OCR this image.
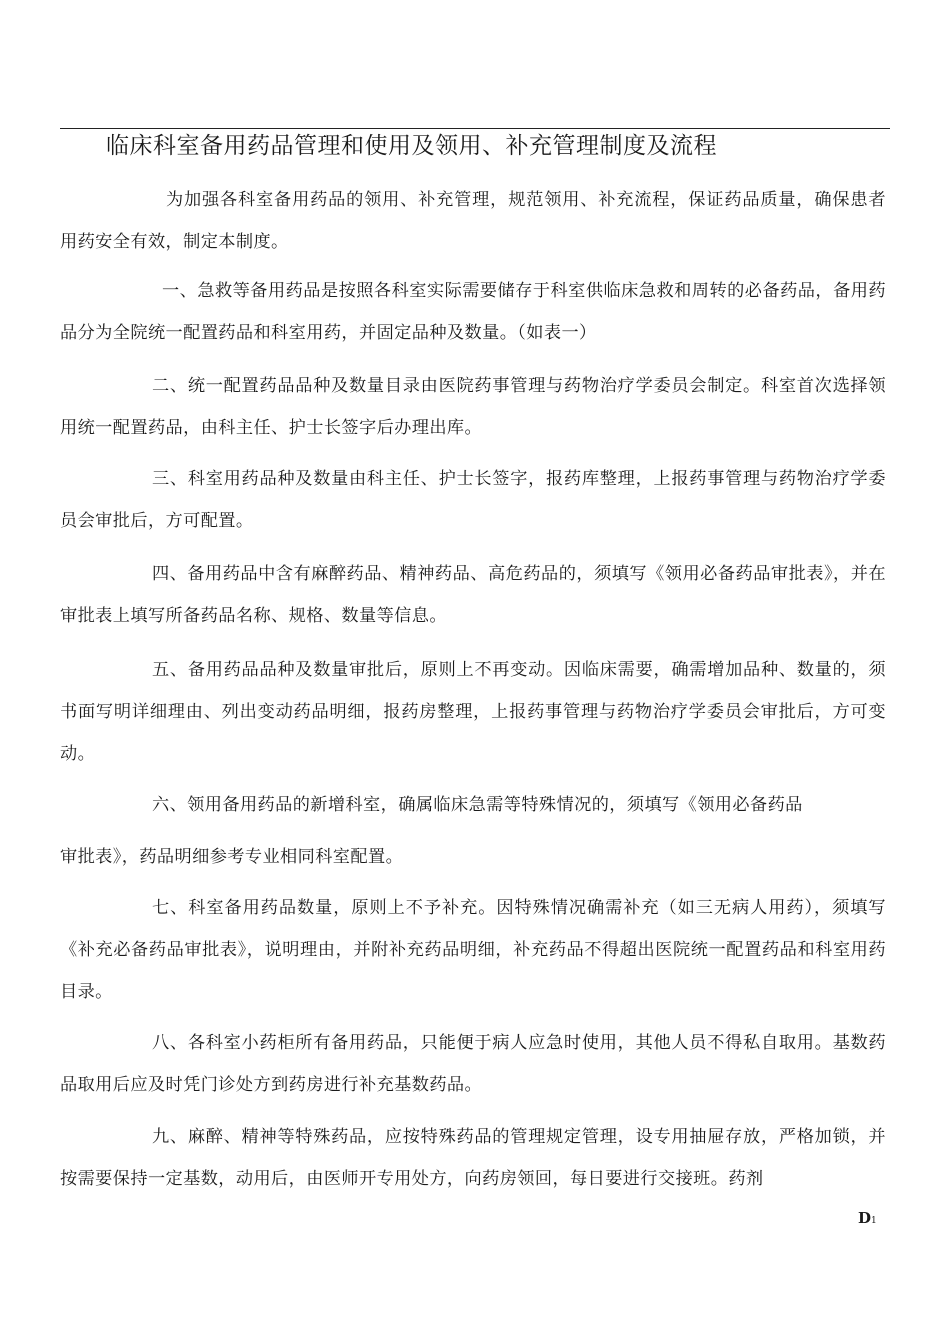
临床科室备用药品管理和使用及领用、补充管理制度及流程
为加强各科室备用药品的领用、补充管理，规范领用、补充流程，保证药品质量，确保患者用药安全有效，制定本制度。
一、急救等备用药品是按照各科室实际需要储存于科室供临床急救和周转的必备药品，备用药品分为全院统一配置药品和科室用药，并固定品种及数量。（如表一）
二、统一配置药品品种及数量目录由医院药事管理与药物治疗学委员会制定。科室首次选择领用统一配置药品，由科主任、护士长签字后办理出库。
三、科室用药品种及数量由科主任、护士长签字，报药库整理，上报药事管理与药物治疗学委员会审批后，方可配置。
四、备用药品中含有麻醉药品、精神药品、高危药品的，须填写《领用必备药品审批表》，并在审批表上填写所备药品名称、规格、数量等信息。
五、备用药品品种及数量审批后，原则上不再变动。因临床需要，确需增加品种、数量的，须书面写明详细理由、列出变动药品明细，报药房整理，上报药事管理与药物治疗学委员会审批后，方可变动。
六、领用备用药品的新增科室，确属临床急需等特殊情况的，须填写《领用必备药品
审批表》，药品明细参考专业相同科室配置。
七、科室备用药品数量，原则上不予补充。因特殊情况确需补充（如三无病人用药），须填写《补充必备药品审批表》，说明理由，并附补充药品明细，补充药品不得超出医院统一配置药品和科室用药目录。
八、各科室小药柜所有备用药品，只能便于病人应急时使用，其他人员不得私自取用。基数药品取用后应及时凭门诊处方到药房进行补充基数药品。
九、麻醉、精神等特殊药品，应按特殊药品的管理规定管理，设专用抽屉存放，严格加锁，并按需要保持一定基数，动用后，由医师开专用处方，向药房领回，每日要进行交接班。药剂
D1
